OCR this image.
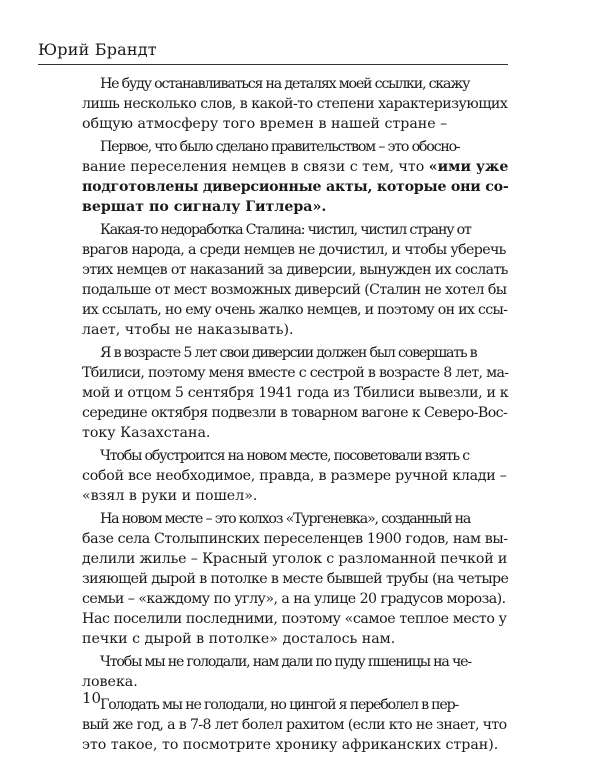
Юрий Брандт
Не буду останавливаться на деталях моей ссылки, скажу
лишь несколько слов, в какой-то степени характеризующих
общую атмосферу того времен в нашей стране –
Первое, что было сделано правительством – это обосно-
вание переселения немцев в связи с тем, что «ими уже
подготовлены диверсионные акты, которые они со-
вершат по сигналу Гитлера».
Какая-то недоработка Сталина: чистил, чистил страну от
врагов народа, а среди немцев не дочистил, и чтобы уберечь
этих немцев от наказаний за диверсии, вынужден их сослать
подальше от мест возможных диверсий (Сталин не хотел бы
их ссылать, но ему очень жалко немцев, и поэтому он их ссы-
лает, чтобы не наказывать).
Я в возрасте 5 лет свои диверсии должен был совершать в
Тбилиси, поэтому меня вместе с сестрой в возрасте 8 лет, ма-
мой и отцом 5 сентября 1941 года из Тбилиси вывезли, и к
середине октября подвезли в товарном вагоне к Северо-Вос-
току Казахстана.
Чтобы обустроится на новом месте, посоветовали взять с
собой все необходимое, правда, в размере ручной клади –
«взял в руки и пошел».
На новом месте – это колхоз «Тургеневка», созданный на
базе села Столыпинских переселенцев 1900 годов, нам вы-
делили жилье – Красный уголок с разломанной печкой и
зияющей дырой в потолке в месте бывшей трубы (на четыре
семьи – «каждому по углу», а на улице 20 градусов мороза).
Нас поселили последними, поэтому «самое теплое место у
печки с дырой в потолке» досталось нам.
Чтобы мы не голодали, нам дали по пуду пшеницы на че-
ловека.
Голодать мы не голодали, но цингой я переболел в пер-
вый же год, а в 7-8 лет болел рахитом (если кто не знает, что
это такое, то посмотрите хронику африканских стран).
10
